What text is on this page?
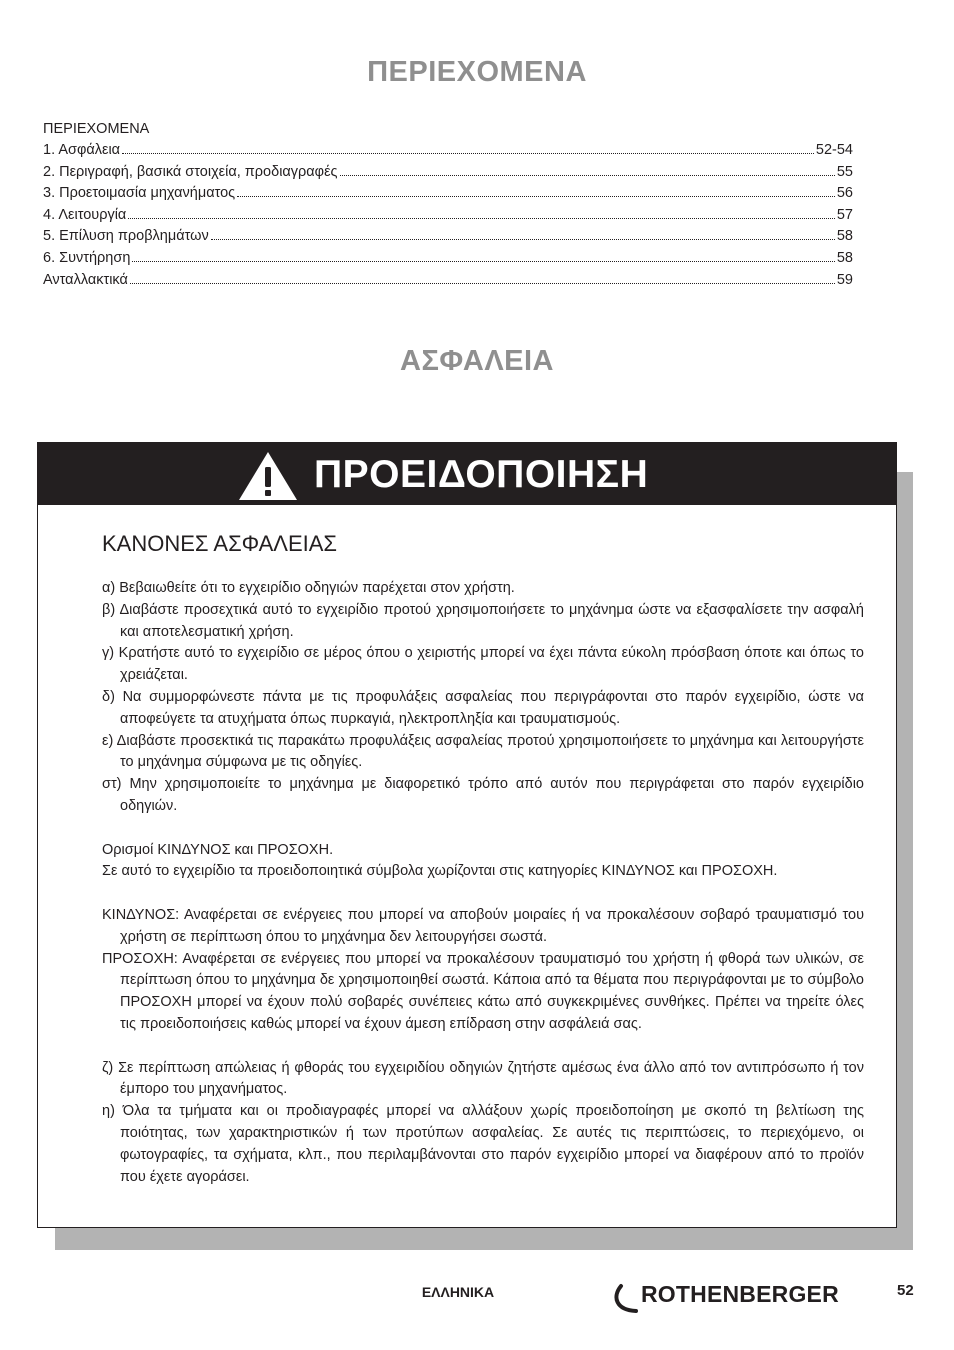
ΠΕΡΙΕΧΟΜΕΝΑ
ΠΕΡΙΕΧΟΜΕΝΑ
1. Ασφάλεια	52-54
2. Περιγραφή, βασικά στοιχεία, προδιαγραφές	55
3. Προετοιμασία μηχανήματος	56
4. Λειτουργία	57
5. Επίλυση προβλημάτων	58
6. Συντήρηση	58
Ανταλλακτικά	59
ΑΣΦΑΛΕΙΑ
ΠΡΟΕΙΔΟΠΟΙΗΣΗ
ΚΑΝΟΝΕΣ ΑΣΦΑΛΕΙΑΣ

α) Βεβαιωθείτε ότι το εγχειρίδιο οδηγιών παρέχεται στον χρήστη.

β) Διαβάστε προσεχτικά αυτό το εγχειρίδιο προτού χρησιμοποιήσετε το μηχάνημα ώστε να εξασφαλίσετε την ασφαλή και αποτελεσματική χρήση.

γ) Κρατήστε αυτό το εγχειρίδιο σε μέρος όπου ο χειριστής μπορεί να έχει πάντα εύκολη πρόσβαση όποτε και όπως το χρειάζεται.

δ) Να συμμορφώνεστε πάντα με τις προφυλάξεις ασφαλείας που περιγράφονται στο παρόν εγχειρίδιο, ώστε να αποφεύγετε τα ατυχήματα όπως πυρκαγιά, ηλεκτροπληξία και τραυματισμούς.

ε) Διαβάστε προσεκτικά τις παρακάτω προφυλάξεις ασφαλείας προτού χρησιμοποιήσετε το μηχάνημα και λειτουργήστε το μηχάνημα σύμφωνα με τις οδηγίες.

στ) Μην χρησιμοποιείτε το μηχάνημα με διαφορετικό τρόπο από αυτόν που περιγράφεται στο παρόν εγχειρίδιο οδηγιών.

Ορισμοί ΚΙΝΔΥΝΟΣ και ΠΡΟΣΟΧΗ.

Σε αυτό το εγχειρίδιο τα προειδοποιητικά σύμβολα χωρίζονται στις κατηγορίες ΚΙΝΔΥΝΟΣ και ΠΡΟΣΟΧΗ.

ΚΙΝΔΥΝΟΣ: Αναφέρεται σε ενέργειες που μπορεί να αποβούν μοιραίες ή να προκαλέσουν σοβαρό τραυματισμό του χρήστη σε περίπτωση όπου το μηχάνημα δεν λειτουργήσει σωστά.

ΠΡΟΣΟΧΗ: Αναφέρεται σε ενέργειες που μπορεί να προκαλέσουν τραυματισμό του χρήστη ή φθορά των υλικών, σε περίπτωση όπου το μηχάνημα δε χρησιμοποιηθεί σωστά. Κάποια από τα θέματα που περιγράφονται με το σύμβολο ΠΡΟΣΟΧΗ μπορεί να έχουν πολύ σοβαρές συνέπειες κάτω από συγκεκριμένες συνθήκες. Πρέπει να τηρείτε όλες τις προειδοποιήσεις καθώς μπορεί να έχουν άμεση επίδραση στην ασφάλειά σας.

ζ) Σε περίπτωση απώλειας ή φθοράς του εγχειριδίου οδηγιών ζητήστε αμέσως ένα άλλο από τον αντιπρόσωπο ή τον έμπορο του μηχανήματος.

η) Όλα τα τμήματα και οι προδιαγραφές μπορεί να αλλάξουν χωρίς προειδοποίηση με σκοπό τη βελτίωση της ποιότητας, των χαρακτηριστικών ή των προτύπων ασφαλείας. Σε αυτές τις περιπτώσεις, το περιεχόμενο, οι φωτογραφίες, τα σχήματα, κλπ., που περιλαμβάνονται στο παρόν εγχειρίδιο μπορεί να διαφέρουν από το προϊόν που έχετε αγοράσει.

ΕΛΛΗΝΙΚΑ	ROTHENBERGER	52
